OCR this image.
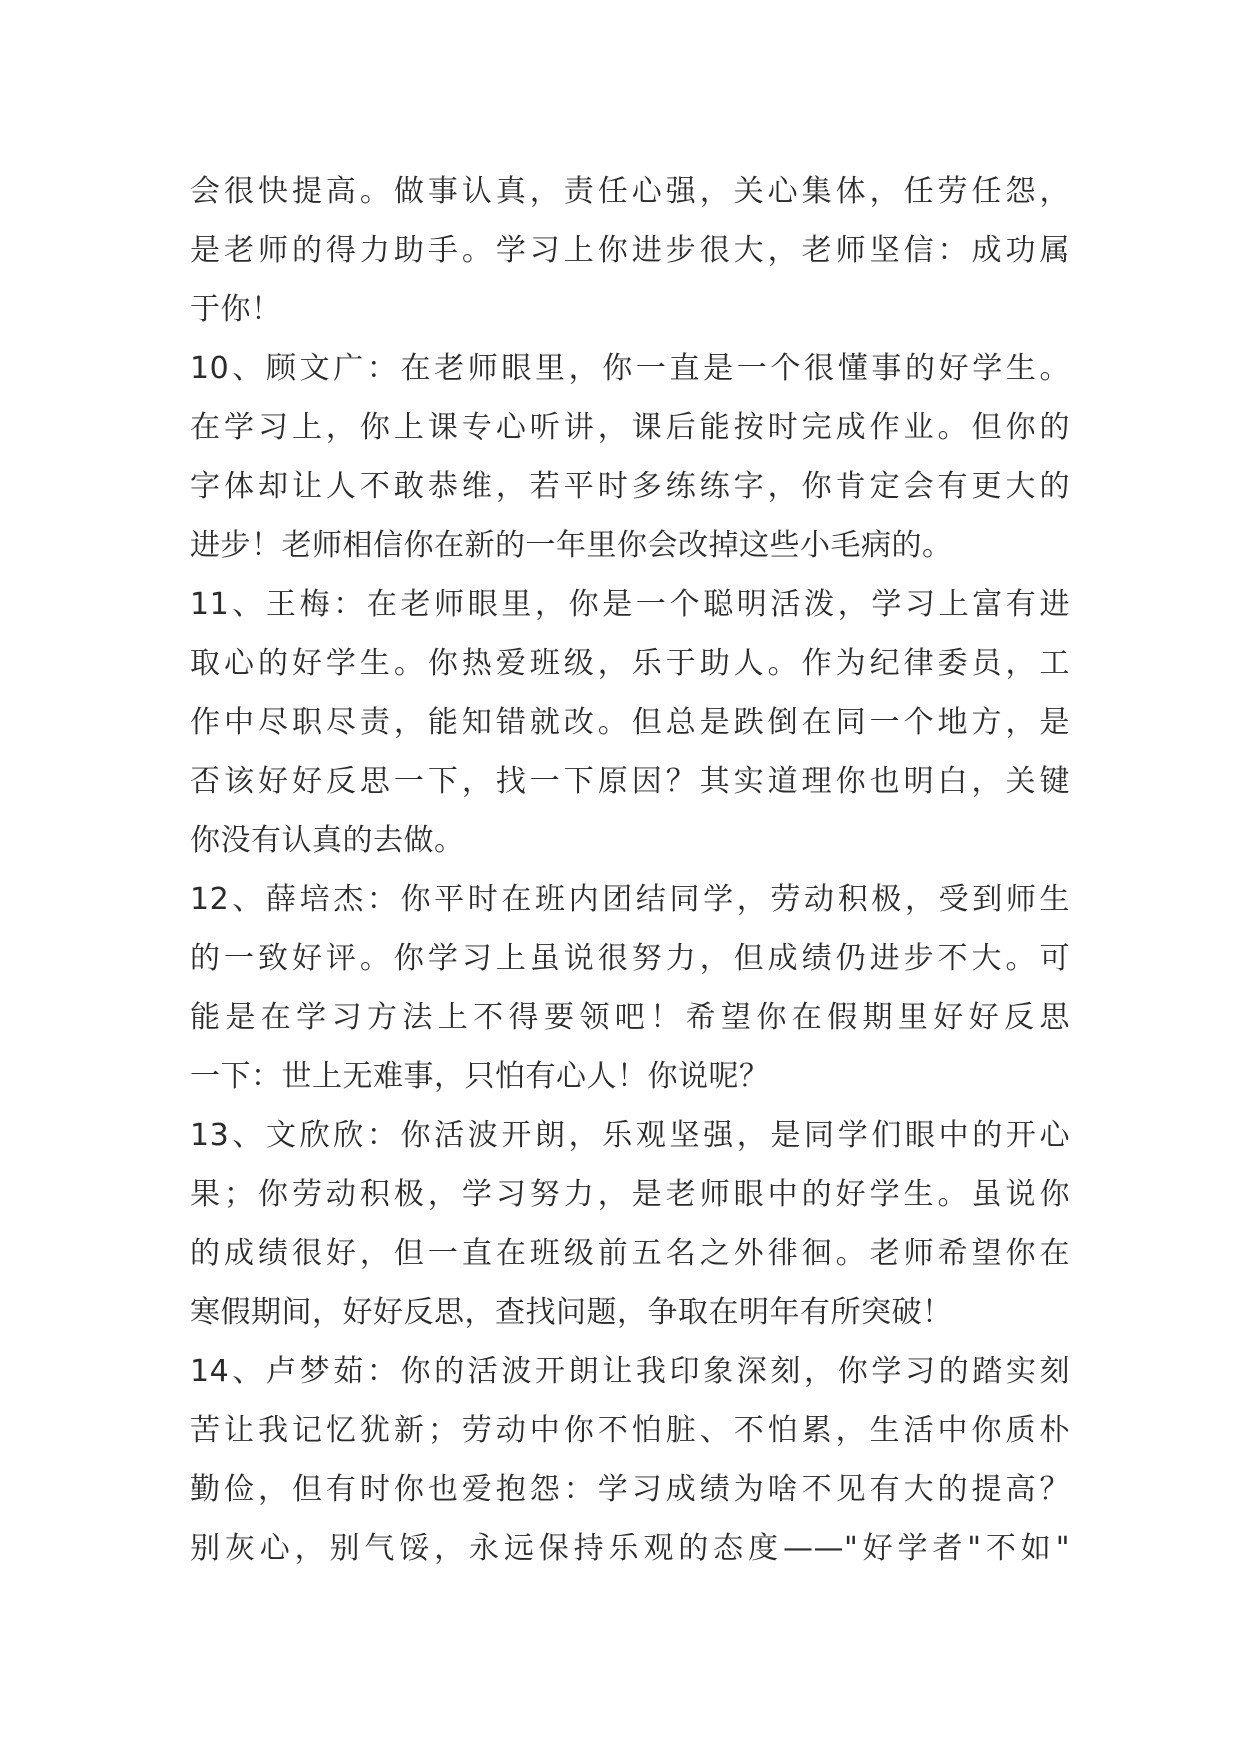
会很快提高。做事认真，责任心强，关心集体，任劳任怨，
是老师的得力助手。学习上你进步很大，老师坚信：成功属
于你！
10、顾文广：在老师眼里，你一直是一个很懂事的好学生。
在学习上，你上课专心听讲，课后能按时完成作业。但你的
字体却让人不敢恭维，若平时多练练字，你肯定会有更大的
进步！老师相信你在新的一年里你会改掉这些小毛病的。
11、王梅：在老师眼里，你是一个聪明活泼，学习上富有进
取心的好学生。你热爱班级，乐于助人。作为纪律委员，工
作中尽职尽责，能知错就改。但总是跌倒在同一个地方，是
否该好好反思一下，找一下原因？其实道理你也明白，关键
你没有认真的去做。
12、薛培杰：你平时在班内团结同学，劳动积极，受到师生
的一致好评。你学习上虽说很努力，但成绩仍进步不大。可
能是在学习方法上不得要领吧！希望你在假期里好好反思
一下：世上无难事，只怕有心人！你说呢？
13、文欣欣：你活波开朗，乐观坚强，是同学们眼中的开心
果；你劳动积极，学习努力，是老师眼中的好学生。虽说你
的成绩很好，但一直在班级前五名之外徘徊。老师希望你在
寒假期间，好好反思，查找问题，争取在明年有所突破！
14、卢梦茹：你的活波开朗让我印象深刻，你学习的踏实刻
苦让我记忆犹新；劳动中你不怕脏、不怕累，生活中你质朴
勤俭，但有时你也爱抱怨：学习成绩为啥不见有大的提高？
别灰心，别气馁，永远保持乐观的态度——"好学者"不如"
